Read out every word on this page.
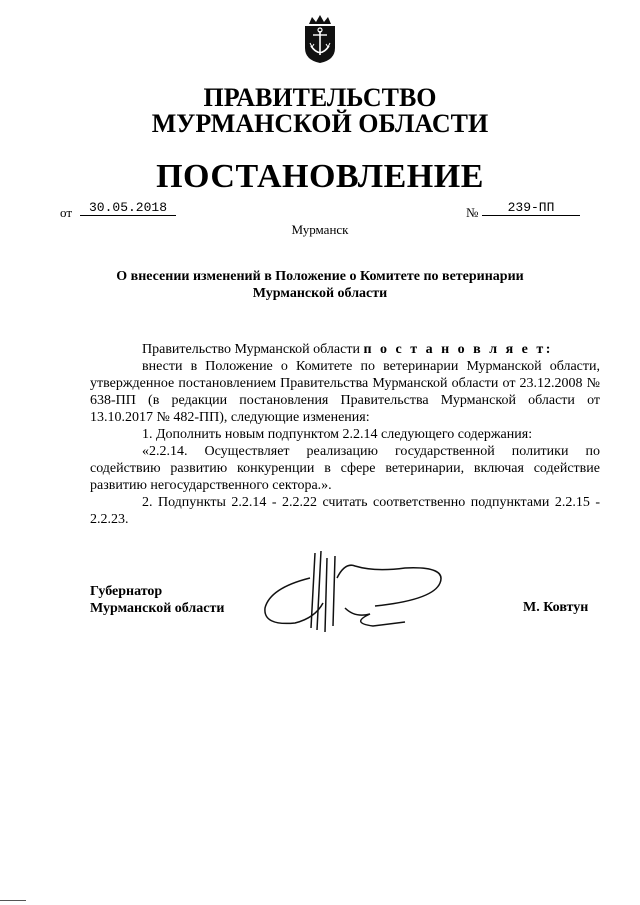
ПРАВИТЕЛЬСТВО
МУРМАНСКОЙ ОБЛАСТИ
ПОСТАНОВЛЕНИЕ
от	30.05.2018	№	239-ПП
Мурманск
О внесении изменений в Положение о Комитете по ветеринарии
Мурманской области

Правительство Мурманской области п о с т а н о в л я е т:

внести в Положение о Комитете по ветеринарии Мурманской области, утвержденное постановлением Правительства Мурманской области от 23.12.2008 № 638-ПП (в редакции постановления Правительства Мурманской области от 13.10.2017 № 482-ПП), следующие изменения:

1. Дополнить новым подпунктом 2.2.14 следующего содержания:

«2.2.14. Осуществляет реализацию государственной политики по содействию развитию конкуренции в сфере ветеринарии, включая содействие развитию негосударственного сектора.».

2. Подпункты 2.2.14 - 2.2.22 считать соответственно подпунктами 2.2.15 - 2.2.23.

Губернатор
Мурманской области	М. Ковтун
